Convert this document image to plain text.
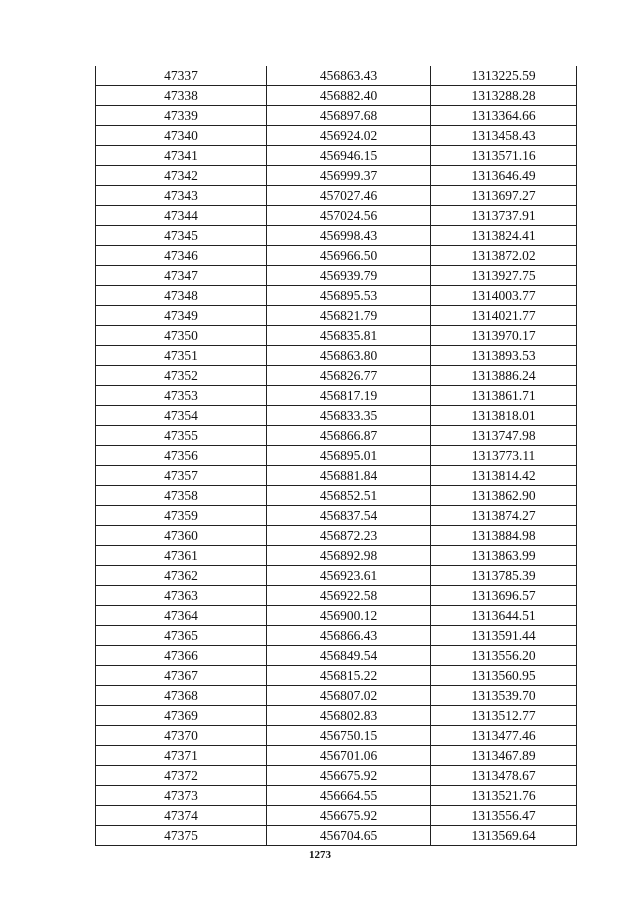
47337	456863.43	1313225.59
47338	456882.40	1313288.28
47339	456897.68	1313364.66
47340	456924.02	1313458.43
47341	456946.15	1313571.16
47342	456999.37	1313646.49
47343	457027.46	1313697.27
47344	457024.56	1313737.91
47345	456998.43	1313824.41
47346	456966.50	1313872.02
47347	456939.79	1313927.75
47348	456895.53	1314003.77
47349	456821.79	1314021.77
47350	456835.81	1313970.17
47351	456863.80	1313893.53
47352	456826.77	1313886.24
47353	456817.19	1313861.71
47354	456833.35	1313818.01
47355	456866.87	1313747.98
47356	456895.01	1313773.11
47357	456881.84	1313814.42
47358	456852.51	1313862.90
47359	456837.54	1313874.27
47360	456872.23	1313884.98
47361	456892.98	1313863.99
47362	456923.61	1313785.39
47363	456922.58	1313696.57
47364	456900.12	1313644.51
47365	456866.43	1313591.44
47366	456849.54	1313556.20
47367	456815.22	1313560.95
47368	456807.02	1313539.70
47369	456802.83	1313512.77
47370	456750.15	1313477.46
47371	456701.06	1313467.89
47372	456675.92	1313478.67
47373	456664.55	1313521.76
47374	456675.92	1313556.47
47375	456704.65	1313569.64
1273
